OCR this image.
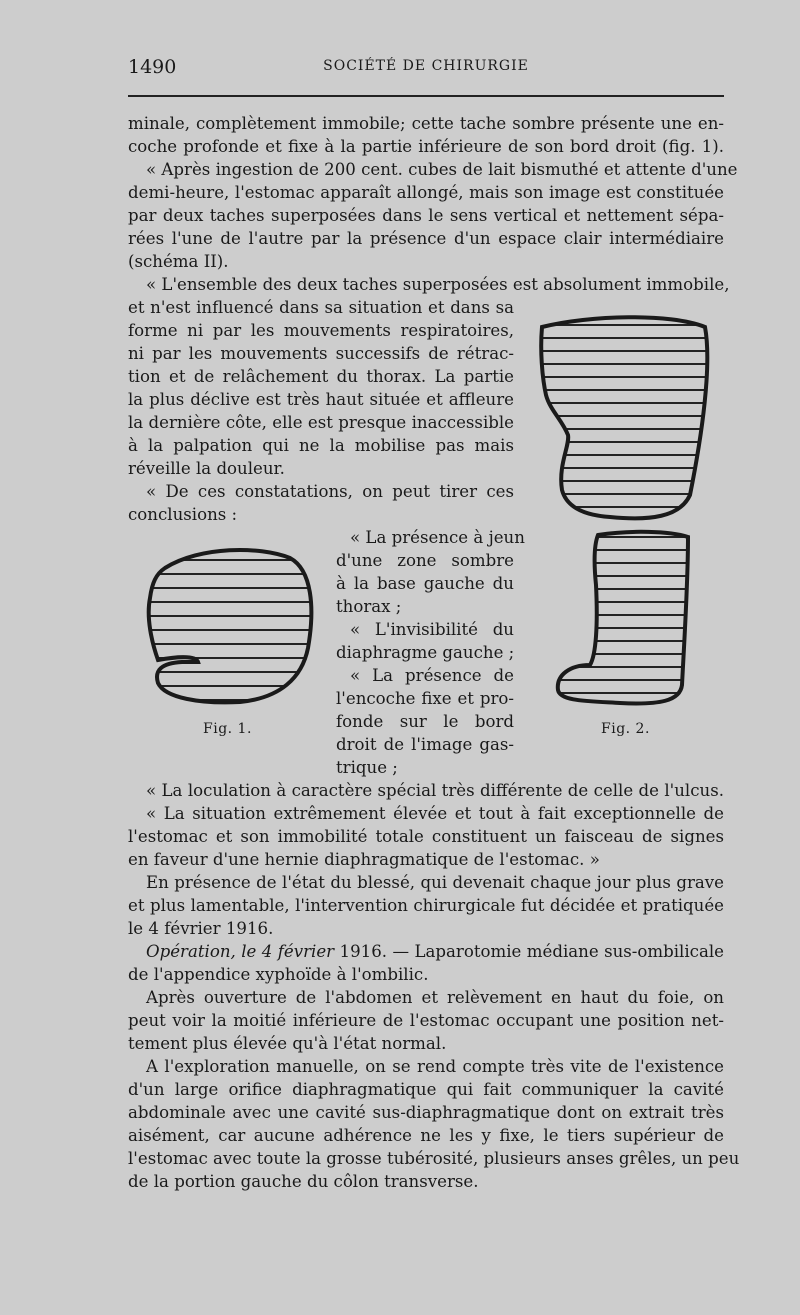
1490	SOCIÉTÉ DE CHIRURGIE
minale, complètement immobile; cette tache sombre présente une en-
coche profonde et fixe à la partie inférieure de son bord droit (fig. 1).
« Après ingestion de 200 cent. cubes de lait bismuthé et attente d'une
demi-heure, l'estomac apparaît allongé, mais son image est constituée
par deux taches superposées dans le sens vertical et nettement sépa-
rées l'une de l'autre par la présence d'un espace clair intermédiaire
(schéma II).
« L'ensemble des deux taches superposées est absolument immobile,
et n'est influencé dans sa situation et dans sa
forme ni par les mouvements respiratoires,
ni par les mouvements successifs de rétrac-
tion et de relâchement du thorax. La partie
la plus déclive est très haut située et affleure
la dernière côte, elle est presque inaccessible
à la palpation qui ne la mobilise pas mais
réveille la douleur.
« De ces constatations, on peut tirer ces
conclusions :
« La présence à jeun
d'une zone sombre
à la base gauche du
thorax ;
« L'invisibilité du
diaphragme gauche ;
« La présence de
l'encoche fixe et pro-
fonde sur le bord
droit de l'image gas-
trique ;
« La loculation à caractère spécial très différente de celle de l'ulcus.
« La situation extrêmement élevée et tout à fait exceptionnelle de
l'estomac et son immobilité totale constituent un faisceau de signes
en faveur d'une hernie diaphragmatique de l'estomac. »
En présence de l'état du blessé, qui devenait chaque jour plus grave
et plus lamentable, l'intervention chirurgicale fut décidée et pratiquée
le 4 février 1916.
Opération, le 4 février 1916. — Laparotomie médiane sus-ombilicale
de l'appendice xyphoïde à l'ombilic.
Après ouverture de l'abdomen et relèvement en haut du foie, on
peut voir la moitié inférieure de l'estomac occupant une position net-
tement plus élevée qu'à l'état normal.
A l'exploration manuelle, on se rend compte très vite de l'existence
d'un large orifice diaphragmatique qui fait communiquer la cavité
abdominale avec une cavité sus-diaphragmatique dont on extrait très
aisément, car aucune adhérence ne les y fixe, le tiers supérieur de
l'estomac avec toute la grosse tubérosité, plusieurs anses grêles, un peu
de la portion gauche du côlon transverse.
Fig. 1.	Fig. 2.
